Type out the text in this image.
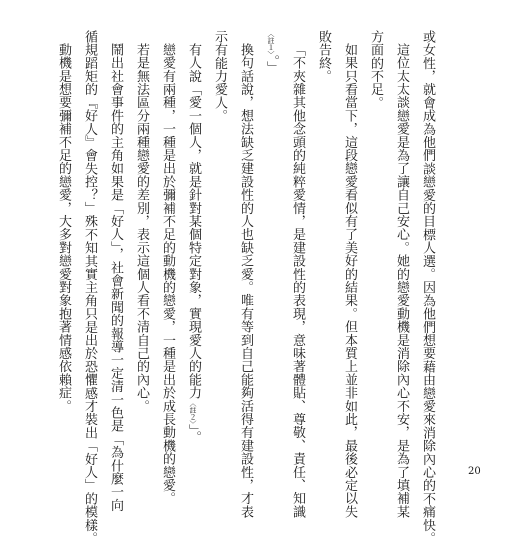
或女性，就會成為他們談戀愛的目標人選。因為他們想要藉由戀愛來消除內心的不痛快。

這位太太談戀愛是為了讓自己安心。她的戀愛動機是消除內心不安，是為了填補某

方面的不足。

如果只看當下，這段戀愛看似有了美好的結果。但本質上並非如此，最後必定以失

敗告終。

「不夾雜其他念頭的純粹愛情，是建設性的表現，意味著體貼、尊敬、責任、知識

〈註１〉。」

換句話說，想法缺乏建設性的人也缺乏愛。唯有等到自己能夠活得有建設性，才表

示有能力愛人。

有人說「愛一個人，就是針對某個特定對象，實現愛人的能力〈註２〉」。

戀愛有兩種，一種是出於彌補不足的動機的戀愛，一種是出於成長動機的戀愛。

若是無法區分兩種戀愛的差別，表示這個人看不清自己的內心。

鬧出社會事件的主角如果是「好人」，社會新聞的報導一定清一色是「為什麼一向

循規蹈矩的『好人』會失控？」殊不知其實主角只是出於恐懼感才裝出「好人」的模樣。

動機是想要彌補不足的戀愛，大多對戀愛對象抱著情感依賴症。

20
